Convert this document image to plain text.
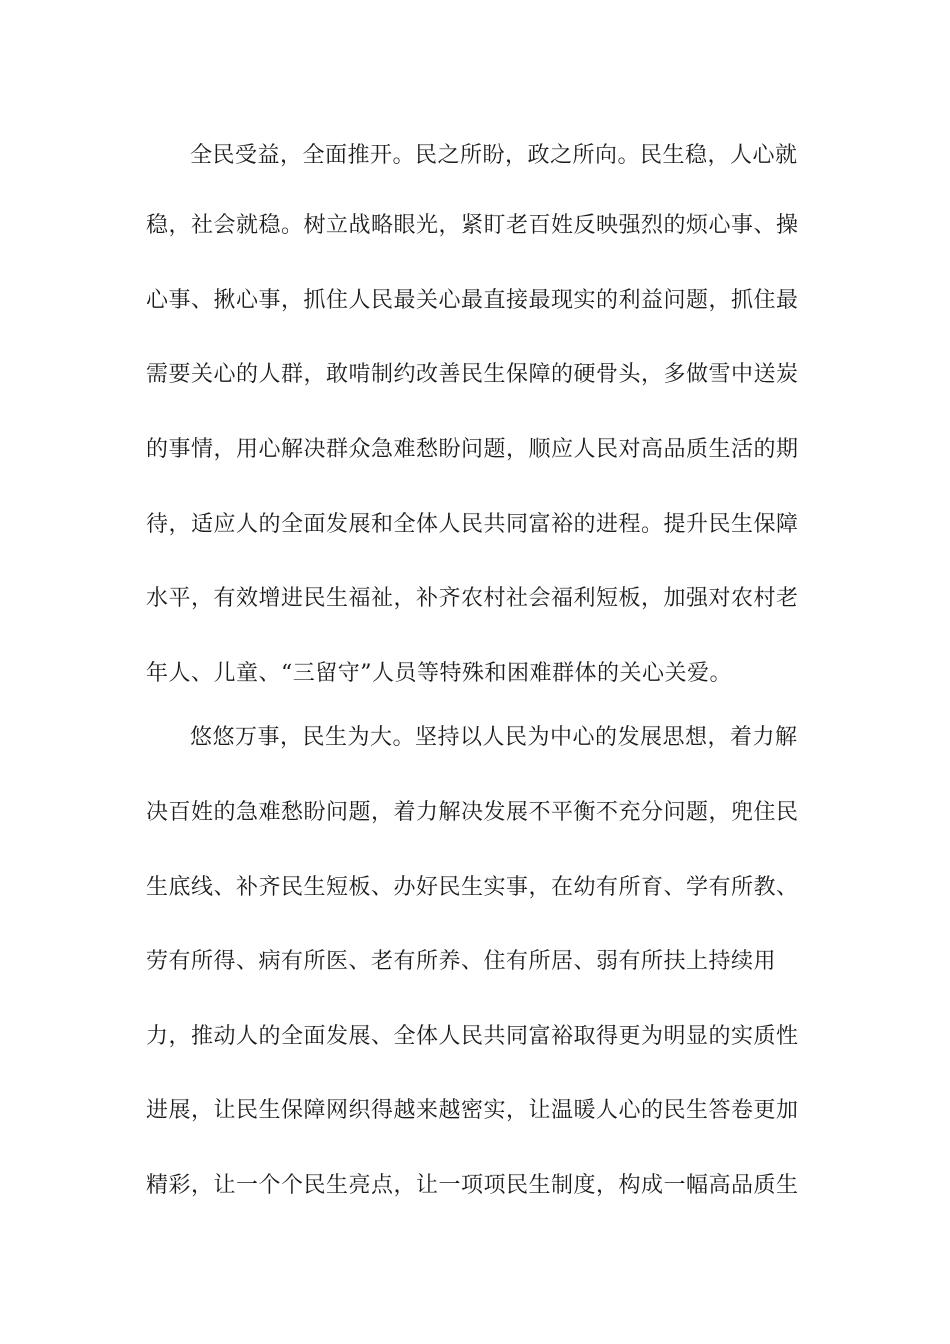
全民受益，全面推开。民之所盼，政之所向。民生稳，人心就
稳，社会就稳。树立战略眼光，紧盯老百姓反映强烈的烦心事、操
心事、揪心事，抓住人民最关心最直接最现实的利益问题，抓住最
需要关心的人群，敢啃制约改善民生保障的硬骨头，多做雪中送炭
的事情，用心解决群众急难愁盼问题，顺应人民对高品质生活的期
待，适应人的全面发展和全体人民共同富裕的进程。提升民生保障
水平，有效增进民生福祉，补齐农村社会福利短板，加强对农村老
年人、儿童、“三留守”人员等特殊和困难群体的关心关爱。
悠悠万事，民生为大。坚持以人民为中心的发展思想，着力解
决百姓的急难愁盼问题，着力解决发展不平衡不充分问题，兜住民
生底线、补齐民生短板、办好民生实事，在幼有所育、学有所教、
劳有所得、病有所医、老有所养、住有所居、弱有所扶上持续用
力，推动人的全面发展、全体人民共同富裕取得更为明显的实质性
进展，让民生保障网织得越来越密实，让温暖人心的民生答卷更加
精彩，让一个个民生亮点，让一项项民生制度，构成一幅高品质生
